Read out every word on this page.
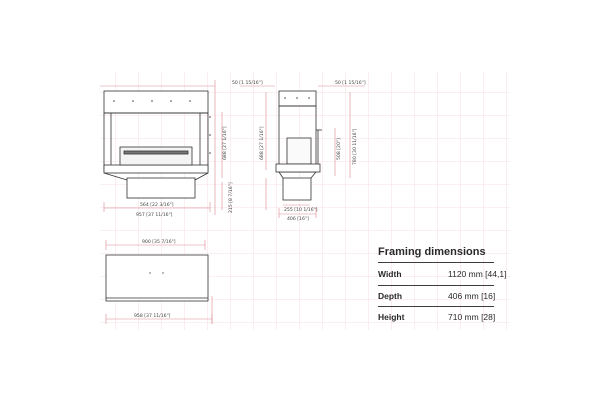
688 [27 1/16"]
215 [8 7/16"]
564 [22 3/16"]
957 [37 11/16"]
50 [1 15/16"]	50 [1 15/16"]
688 [27 1/16"]	508 [20"] 780 [30 11/16"]
255 [10 1/16"]
406 [16"]
900 [35 7/16"]
958 [37 11/16"]
Framing dimensions
Width	1120 mm [44,1]
Depth	406 mm [16]
Height	710 mm [28]
